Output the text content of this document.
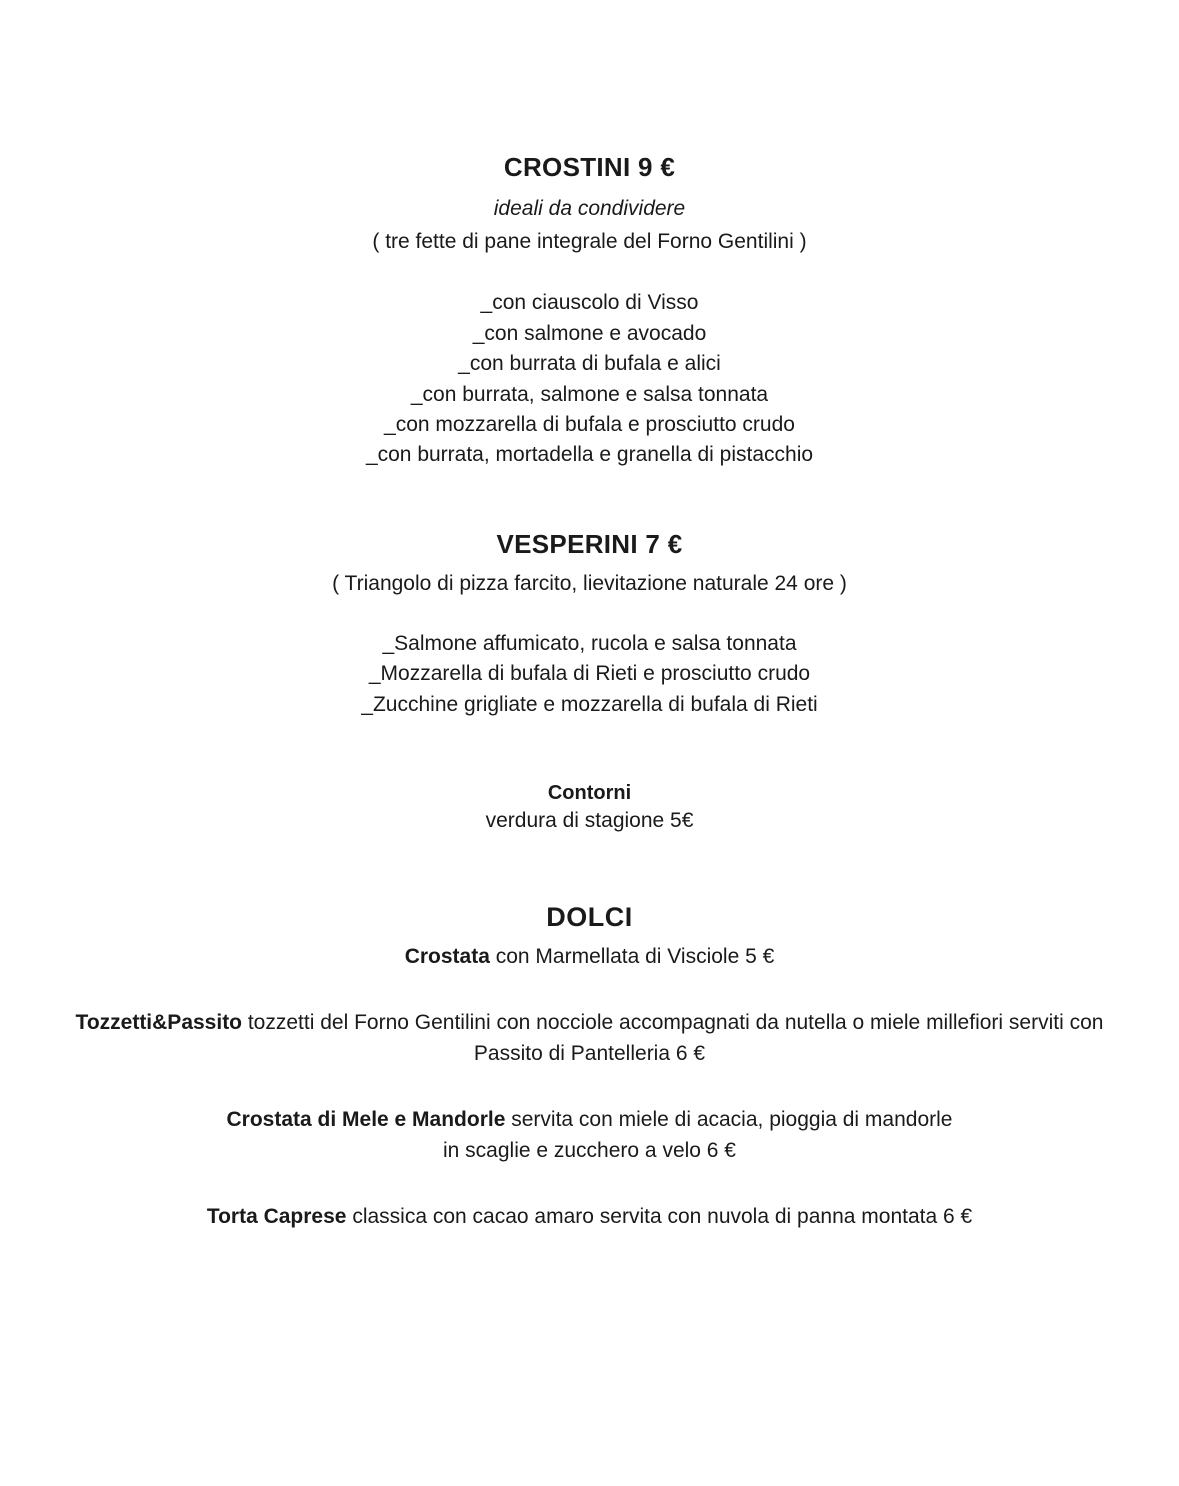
CROSTINI 9 €
ideali da condividere
( tre fette di pane integrale del Forno Gentilini )
_con ciauscolo di Visso
_con salmone e avocado
_con burrata di bufala e alici
_con burrata, salmone e salsa tonnata
_con mozzarella di bufala e prosciutto crudo
_con burrata, mortadella e granella di pistacchio
VESPERINI 7 €
( Triangolo di pizza farcito, lievitazione naturale 24 ore )
_Salmone affumicato, rucola e salsa tonnata
_Mozzarella di bufala di Rieti e prosciutto crudo
_Zucchine grigliate e mozzarella di bufala di Rieti
Contorni
verdura di stagione 5€
DOLCI
Crostata con Marmellata di Visciole 5 €
Tozzetti&Passito tozzetti del Forno Gentilini con nocciole accompagnati da nutella o miele millefiori serviti con Passito di Pantelleria 6 €
Crostata di Mele e Mandorle servita con miele di acacia, pioggia di mandorle in scaglie e zucchero a velo 6 €
Torta Caprese classica con cacao amaro servita con nuvola di panna montata 6 €
